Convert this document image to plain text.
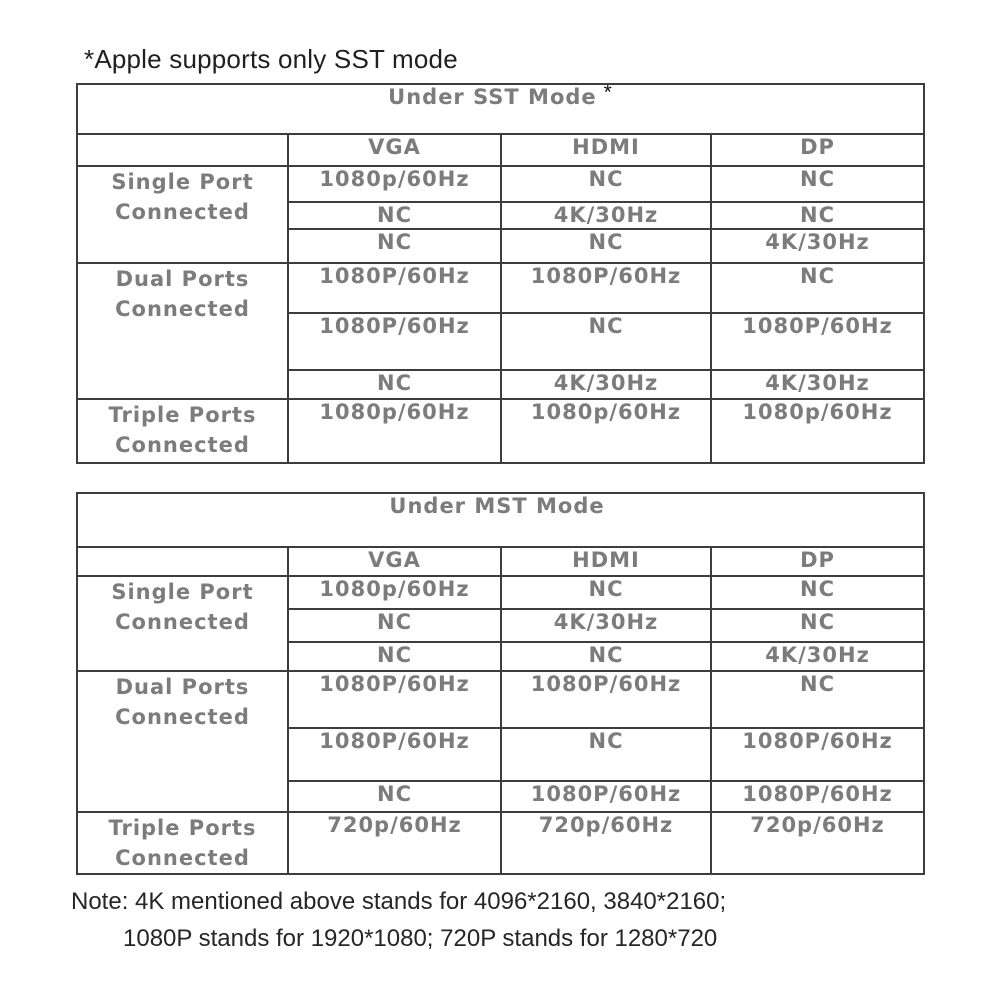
*Apple supports only SST mode
Under SST Mode *			
	VGA	HDMI	DP

Single Port
Connected	1080p/60Hz	NC	NC
	NC	4K/30Hz	NC
	NC	NC	4K/30Hz

Dual Ports
Connected	1080P/60Hz	1080P/60Hz	NC
	1080P/60Hz	NC	1080P/60Hz
	NC	4K/30Hz	4K/30Hz

Triple Ports
Connected	1080p/60Hz	1080p/60Hz	1080p/60Hz
Under MST Mode			
	VGA	HDMI	DP

Single Port
Connected	1080p/60Hz	NC	NC
	NC	4K/30Hz	NC
	NC	NC	4K/30Hz

Dual Ports
Connected	1080P/60Hz	1080P/60Hz	NC
	1080P/60Hz	NC	1080P/60Hz
	NC	1080P/60Hz	1080P/60Hz

Triple Ports
Connected	720p/60Hz	720p/60Hz	720p/60Hz
Note: 4K mentioned above stands for 4096*2160, 3840*2160;
1080P stands for 1920*1080; 720P stands for 1280*720
